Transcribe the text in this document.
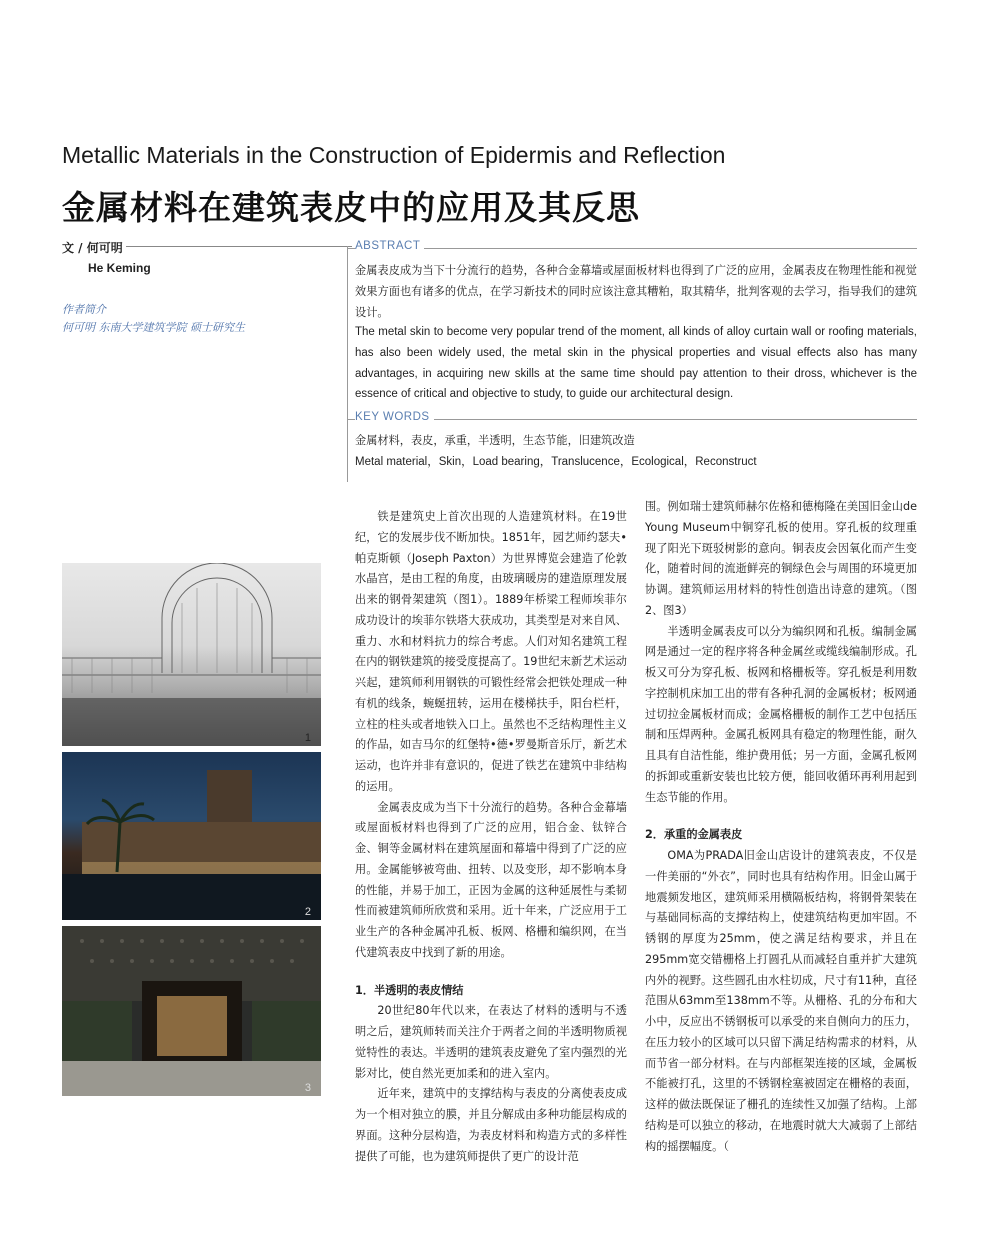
Metallic Materials in the Construction of Epidermis and Reflection
金属材料在建筑表皮中的应用及其反思
文 / 何可明
He Keming
作者简介
何可明 东南大学建筑学院 硕士研究生
ABSTRACT
金属表皮成为当下十分流行的趋势，各种合金幕墙或屋面板材料也得到了广泛的应用，金属表皮在物理性能和视觉效果方面也有诸多的优点，在学习新技术的同时应该注意其糟粕，取其精华，批判客观的去学习，指导我们的建筑设计。
The metal skin to become very popular trend of the moment, all kinds of alloy curtain wall or roofing materials, has also been widely used, the metal skin in the physical properties and visual effects also has many advantages, in acquiring new skills at the same time should pay attention to their dross, whichever is the essence of critical and objective to study, to guide our architectural design.
KEY WORDS
金属材料，表皮，承重，半透明，生态节能，旧建筑改造
Metal material，Skin，Load bearing，Translucence，Ecological，Reconstruct
1
2
3

铁是建筑史上首次出现的人造建筑材料。在19世纪，它的发展步伐不断加快。1851年，园艺师约瑟夫•帕克斯顿（Joseph Paxton）为世界博览会建造了伦敦水晶宫，是由工程的角度，由玻璃暖房的建造原理发展出来的钢骨架建筑（图1）。1889年桥梁工程师埃菲尔成功设计的埃菲尔铁塔大获成功，其类型是对来自风、重力、水和材料抗力的综合考虑。人们对知名建筑工程在内的钢铁建筑的接受度提高了。19世纪末新艺术运动兴起，建筑师利用钢铁的可锻性经常会把铁处理成一种有机的线条，蜿蜒扭转，运用在楼梯扶手，阳台栏杆，立柱的柱头或者地铁入口上。虽然也不乏结构理性主义的作品，如吉马尔的红堡特•德•罗曼斯音乐厅，新艺术运动，也许并非有意识的，促进了铁艺在建筑中非结构的运用。

金属表皮成为当下十分流行的趋势。各种合金幕墙或屋面板材料也得到了广泛的应用，铝合金、钛锌合金、铜等金属材料在建筑屋面和幕墙中得到了广泛的应用。金属能够被弯曲、扭转、以及变形，却不影响本身的性能，并易于加工，正因为金属的这种延展性与柔韧性而被建筑师所欣赏和采用。近十年来，广泛应用于工业生产的各种金属冲孔板、板网、格栅和编织网，在当代建筑表皮中找到了新的用途。

1．半透明的表皮情结

20世纪80年代以来，在表达了材料的透明与不透明之后，建筑师转而关注介于两者之间的半透明物质视觉特性的表达。半透明的建筑表皮避免了室内强烈的光影对比，使自然光更加柔和的进入室内。

近年来，建筑中的支撑结构与表皮的分离使表皮成为一个相对独立的膜，并且分解成由多种功能层构成的界面。这种分层构造，为表皮材料和构造方式的多样性提供了可能，也为建筑师提供了更广的设计范

围。例如瑞士建筑师赫尔佐格和德梅隆在美国旧金山de Young Museum中铜穿孔板的使用。穿孔板的纹理重现了阳光下斑驳树影的意向。铜表皮会因氧化而产生变化，随着时间的流逝鲜亮的铜绿色会与周围的环境更加协调。建筑师运用材料的特性创造出诗意的建筑。（图2、图3）

半透明金属表皮可以分为编织网和孔板。编制金属网是通过一定的程序将各种金属丝或缆线编制形成。孔板又可分为穿孔板、板网和格栅板等。穿孔板是利用数字控制机床加工出的带有各种孔洞的金属板材；板网通过切拉金属板材而成；金属格栅板的制作工艺中包括压制和压焊两种。金属孔板网具有稳定的物理性能，耐久且具有自洁性能，维护费用低；另一方面，金属孔板网的拆卸或重新安装也比较方便，能回收循环再利用起到生态节能的作用。

2．承重的金属表皮

OMA为PRADA旧金山店设计的建筑表皮，不仅是一件美丽的“外衣”，同时也具有结构作用。旧金山属于地震频发地区，建筑师采用横隔板结构，将钢骨架装在与基础同标高的支撑结构上，使建筑结构更加牢固。不锈钢的厚度为25mm，使之满足结构要求，并且在295mm宽交错栅格上打圆孔从而减轻自重并扩大建筑内外的视野。这些圆孔由水柱切成，尺寸有11种，直径范围从63mm至138mm不等。从栅格、孔的分布和大小中，反应出不锈钢板可以承受的来自侧向力的压力，在压力较小的区域可以只留下满足结构需求的材料，从而节省一部分材料。在与内部框架连接的区域，金属板不能被打孔，这里的不锈钢栓塞被固定在栅格的表面，这样的做法既保证了栅孔的连续性又加强了结构。上部结构是可以独立的移动，在地震时就大大减弱了上部结构的摇摆幅度。（
